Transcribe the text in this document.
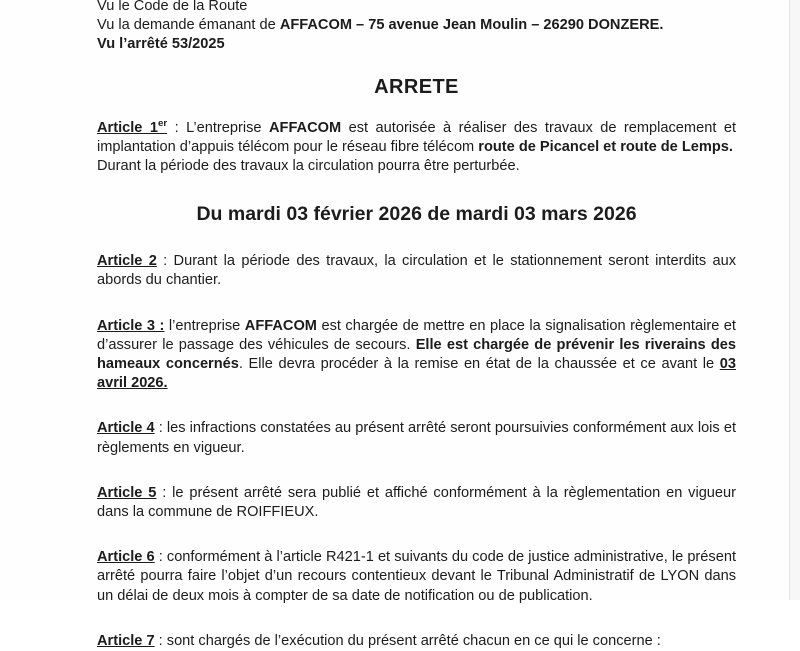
Vu le Code de la Route

Vu la demande émanant de AFFACOM – 75 avenue Jean Moulin – 26290 DONZERE.

Vu l’arrêté 53/2025

ARRETE

Article 1er : L’entreprise AFFACOM est autorisée à réaliser des travaux de remplacement et implantation d’appuis télécom pour le réseau fibre télécom route de Picancel et route de Lemps.

Durant la période des travaux la circulation pourra être perturbée.

Du mardi 03 février 2026 de mardi 03 mars 2026

Article 2 : Durant la période des travaux, la circulation et le stationnement seront interdits aux abords du chantier.

Article 3 : l’entreprise AFFACOM est chargée de mettre en place la signalisation règlementaire et d’assurer le passage des véhicules de secours. Elle est chargée de prévenir les riverains des hameaux concernés. Elle devra procéder à la remise en état de la chaussée et ce avant le 03 avril 2026.

Article 4 : les infractions constatées au présent arrêté seront poursuivies conformément aux lois et règlements en vigueur.

Article 5 : le présent arrêté sera publié et affiché conformément à la règlementation en vigueur dans la commune de ROIFFIEUX.

Article 6 : conformément à l’article R421-1 et suivants du code de justice administrative, le présent arrêté pourra faire l’objet d’un recours contentieux devant le Tribunal Administratif de LYON dans un délai de deux mois à compter de sa date de notification ou de publication.

Article 7 : sont chargés de l’exécution du présent arrêté chacun en ce qui le concerne :
